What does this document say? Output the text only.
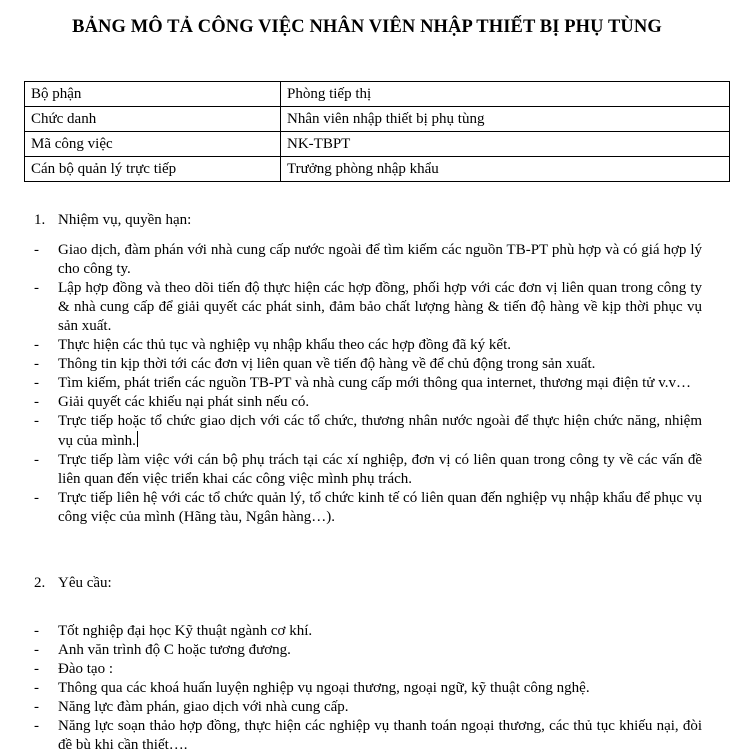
BẢNG MÔ TẢ CÔNG VIỆC NHÂN VIÊN NHẬP THIẾT BỊ PHỤ TÙNG
Bộ phận	Phòng tiếp thị
Chức danh	Nhân viên nhập thiết bị phụ tùng
Mã công việc	NK-TBPT
Cán bộ quản lý trực tiếp	Trưởng phòng nhập khẩu
1. Nhiệm vụ, quyền hạn:
- Giao dịch, đàm phán với nhà cung cấp nước ngoài để tìm kiếm các nguồn TB-PT phù hợp và có giá hợp lý cho công ty.
- Lập hợp đồng và theo dõi tiến độ thực hiện các hợp đồng, phối hợp với các đơn vị liên quan trong công ty & nhà cung cấp để giải quyết các phát sinh, đảm bảo chất lượng hàng & tiến độ hàng về kịp thời phục vụ sản xuất.
- Thực hiện các thủ tục và nghiệp vụ nhập khẩu theo các hợp đồng đã ký kết.
- Thông tin kịp thời tới các đơn vị liên quan về tiến độ hàng về để chủ động trong sản xuất.
- Tìm kiếm, phát triển các nguồn TB-PT và nhà cung cấp mới thông qua internet, thương mại điện tử v.v…
- Giải quyết các khiếu nại phát sinh nếu có.
- Trực tiếp hoặc tổ chức giao dịch với các tổ chức, thương nhân nước ngoài để thực hiện chức năng, nhiệm vụ của mình.
- Trực tiếp làm việc với cán bộ phụ trách tại các xí nghiệp, đơn vị có liên quan trong công ty về các vấn đề liên quan đến việc triển khai các công việc mình phụ trách.
- Trực tiếp liên hệ với các tổ chức quản lý, tổ chức kinh tế có liên quan đến nghiệp vụ nhập khẩu để phục vụ công việc của mình (Hãng tàu, Ngân hàng…).
2. Yêu cầu:
- Tốt nghiệp đại học Kỹ thuật ngành cơ khí.
- Anh văn trình độ C hoặc tương đương.
- Đào tạo :
- Thông qua các khoá huấn luyện nghiệp vụ ngoại thương, ngoại ngữ, kỹ thuật công nghệ.
- Năng lực đàm phán, giao dịch với nhà cung cấp.
- Năng lực soạn thảo hợp đồng, thực hiện các nghiệp vụ thanh toán ngoại thương, các thủ tục khiếu nại, đòi đề bù khi cần thiết….
